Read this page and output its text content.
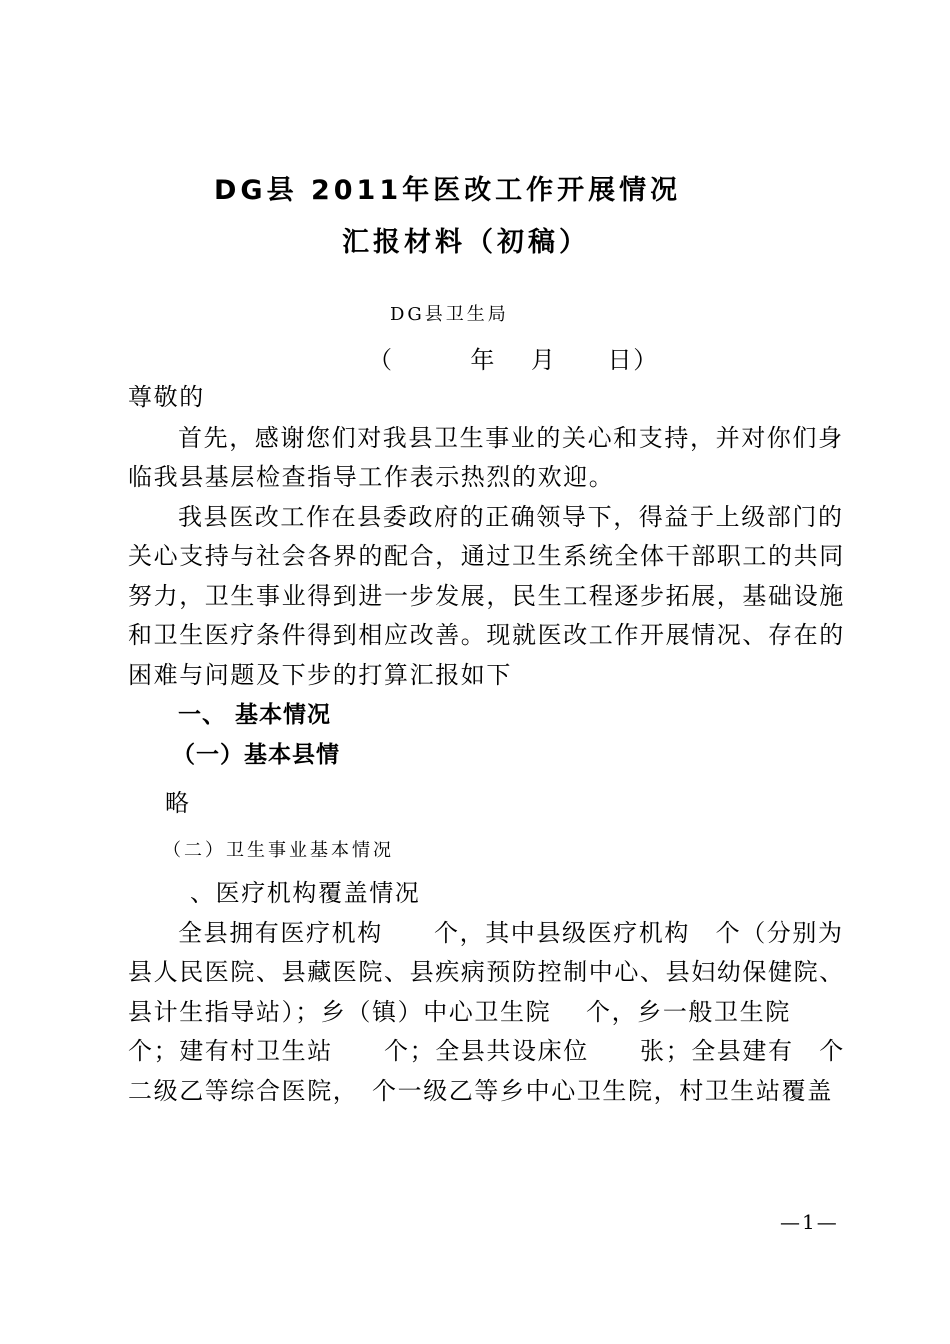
DG县 2011年医改工作开展情况
汇报材料（初稿）
DG县卫生局
（　　　年　 月　　日）
尊敬的
首先，感谢您们对我县卫生事业的关心和支持，并对你们身
临我县基层检查指导工作表示热烈的欢迎。
我县医改工作在县委政府的正确领导下，得益于上级部门的
关心支持与社会各界的配合，通过卫生系统全体干部职工的共同
努力，卫生事业得到进一步发展，民生工程逐步拓展，基础设施
和卫生医疗条件得到相应改善。现就医改工作开展情况、存在的
困难与问题及下步的打算汇报如下
一、 基本情况
（一）基本县情
略
（二）卫生事业基本情况
、医疗机构覆盖情况
全县拥有医疗机构　　个，其中县级医疗机构　个（分别为
县人民医院、县藏医院、县疾病预防控制中心、县妇幼保健院、
县计生指导站）；乡（镇）中心卫生院　 个，乡一般卫生院
个；建有村卫生站　　个；全县共设床位　　张；全县建有　个
二级乙等综合医院，　个一级乙等乡中心卫生院，村卫生站覆盖
—1—
